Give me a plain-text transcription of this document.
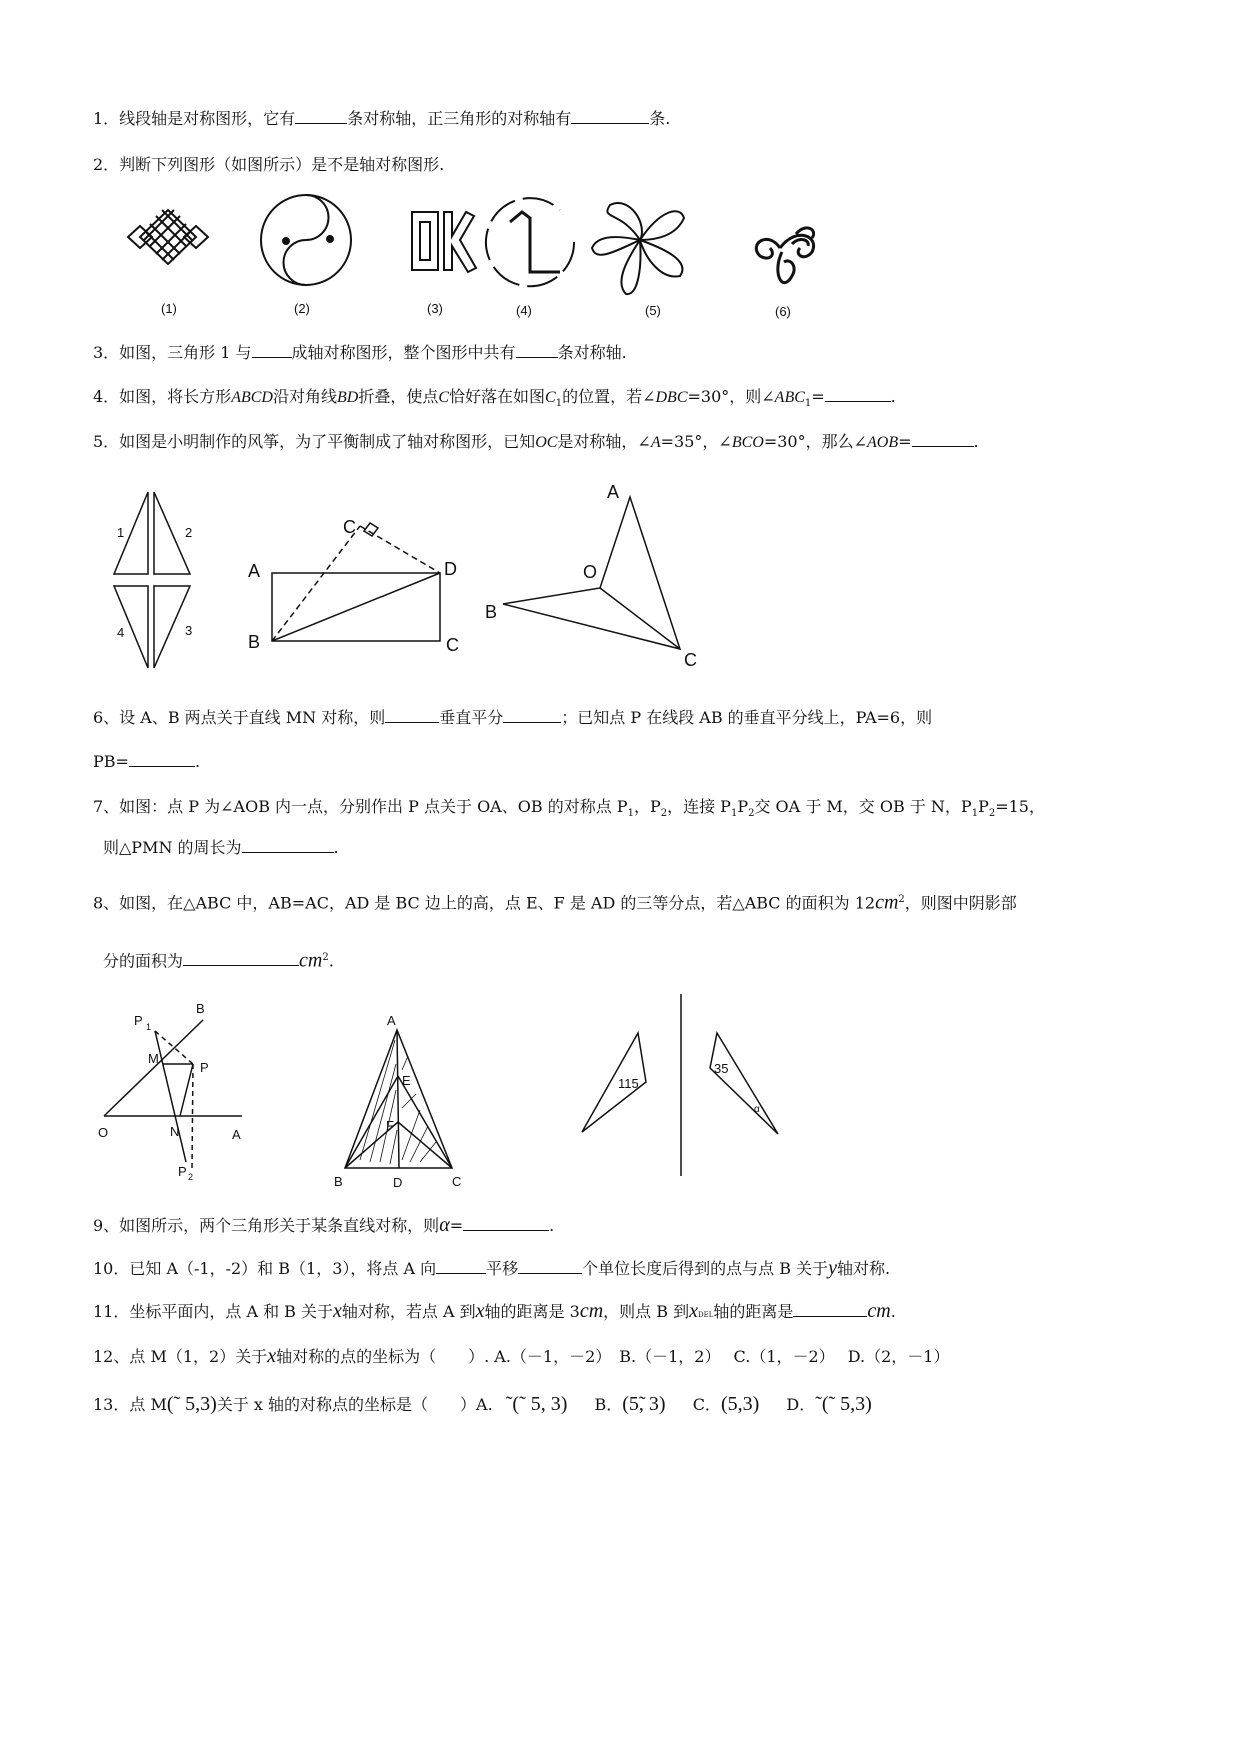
1．线段轴是对称图形，它有	条对称轴，正三角形的对称轴有	条.
2．判断下列图形（如图所示）是不是轴对称图形.
3．如图，三角形 1 与	成轴对称图形，整个图形中共有	条对称轴.
4．如图，将长方形ABCD沿对角线BD折叠，使点C恰好落在如图$C_1$的位置，若∠DBC=30°，则$\angle ABC_1=$	.
5．如图是小明制作的风筝，为了平衡制成了轴对称图形，已知OC是对称轴，∠A=35°，∠BCO=30°，那么∠AOB=	.
6、设 A、B 两点关于直线 MN 对称，则	垂直平分	；已知点 P 在线段 AB 的垂直平分线上，PA=6，则
PB=	.
7、如图：点 P 为∠AOB 内一点，分别作出 P 点关于 OA、OB 的对称点 $P_1$，$P_2$，连接 $P_1P_2$交 OA 于 M，交 OB 于 N，$P_1P_2=15$，
则△PMN 的周长为	.
8、如图，在△ABC 中，AB=AC，AD 是 BC 边上的高，点 E、F 是 AD 的三等分点，若△ABC 的面积为 $12cm^2$，则图中阴影部
分的面积为	$cm^2$.
9、如图所示，两个三角形关于某条直线对称，则α=	.
10．已知 A（-1，-2）和 B（1，3），将点 A 向	平移	个单位长度后得到的点与点 B 关于y轴对称.
11．坐标平面内，点 A 和 B 关于x轴对称，若点 A 到x轴的距离是 3cm，则点 B 到xDEL轴的距离是	cm.
12、点 M（1，2）关于x轴对称的点的坐标为（　　）. A.（－1，－2）　B.（－1，2）　 C.（1，－2）　 D.（2，－1）
13．点 M(˜ 5,3)关于 x 轴的对称点的坐标是（　　）A. ˜(˜ 5, 3) B．(5̃, 3) C．(5,3) D．˜(˜ 5,3)
(1)	(2)	(3)	(4)	(5)	(6)
1	2
4	3
A
B	C
D
C
A
O
B
C
P 1
B
M
P
O	N	A
P 2
A
E
F
B	D	C
115
35
α
